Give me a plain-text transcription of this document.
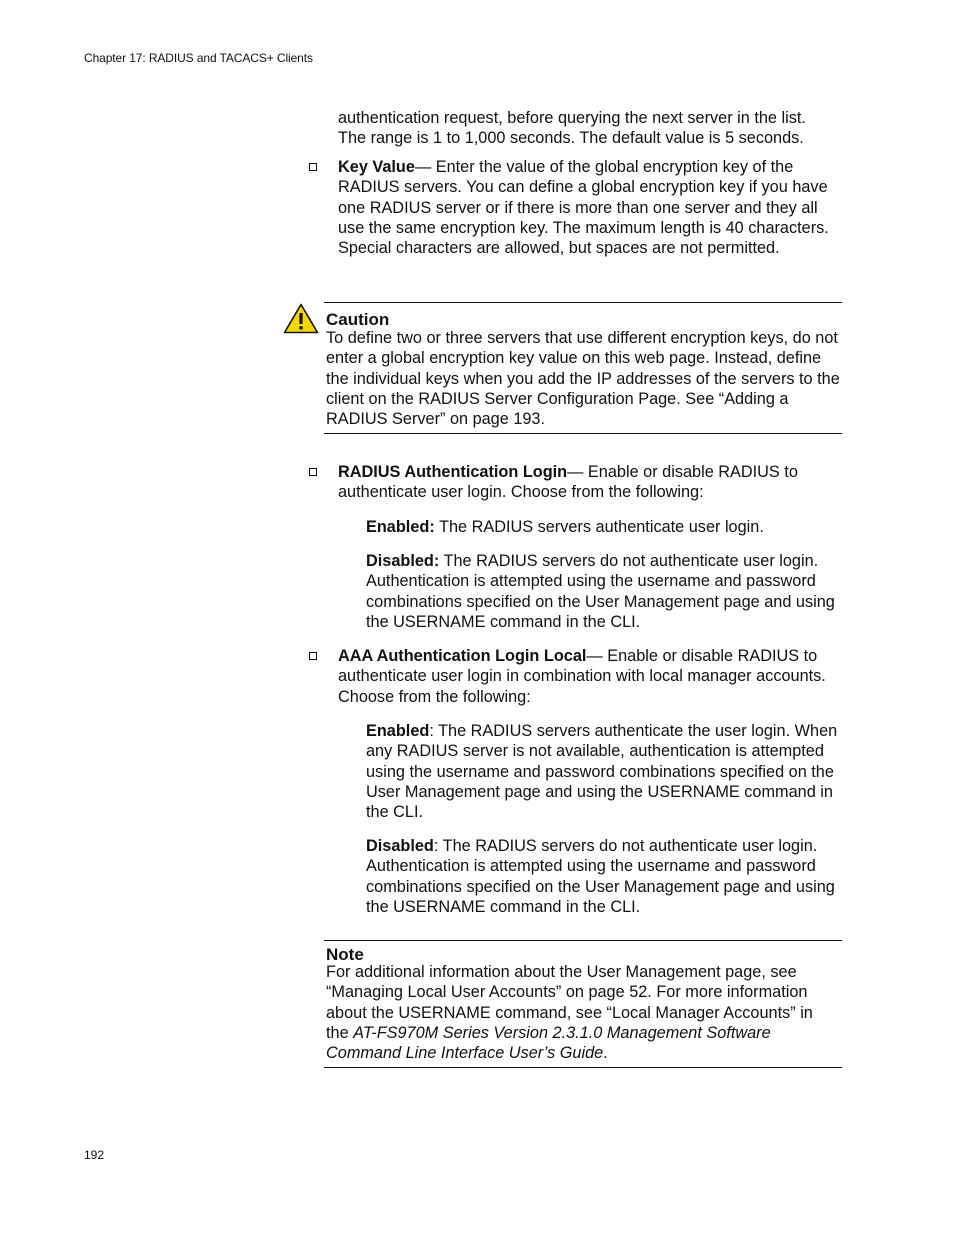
Chapter 17: RADIUS and TACACS+ Clients

authentication request, before querying the next server in the list. The range is 1 to 1,000 seconds. The default value is 5 seconds.

Key Value— Enter the value of the global encryption key of the RADIUS servers. You can define a global encryption key if you have one RADIUS server or if there is more than one server and they all use the same encryption key. The maximum length is 40 characters. Special characters are allowed, but spaces are not permitted.

Caution

To define two or three servers that use different encryption keys, do not enter a global encryption key value on this web page. Instead, define the individual keys when you add the IP addresses of the servers to the client on the RADIUS Server Configuration Page. See “Adding a RADIUS Server” on page 193.

RADIUS Authentication Login— Enable or disable RADIUS to authenticate user login. Choose from the following:

Enabled: The RADIUS servers authenticate user login.

Disabled: The RADIUS servers do not authenticate user login. Authentication is attempted using the username and password combinations specified on the User Management page and using the USERNAME command in the CLI.

AAA Authentication Login Local— Enable or disable RADIUS to authenticate user login in combination with local manager accounts. Choose from the following:

Enabled: The RADIUS servers authenticate the user login. When any RADIUS server is not available, authentication is attempted using the username and password combinations specified on the User Management page and using the USERNAME command in the CLI.

Disabled: The RADIUS servers do not authenticate user login. Authentication is attempted using the username and password combinations specified on the User Management page and using the USERNAME command in the CLI.

Note

For additional information about the User Management page, see “Managing Local User Accounts” on page 52. For more information about the USERNAME command, see “Local Manager Accounts” in the AT-FS970M Series Version 2.3.1.0 Management Software Command Line Interface User’s Guide.

192
